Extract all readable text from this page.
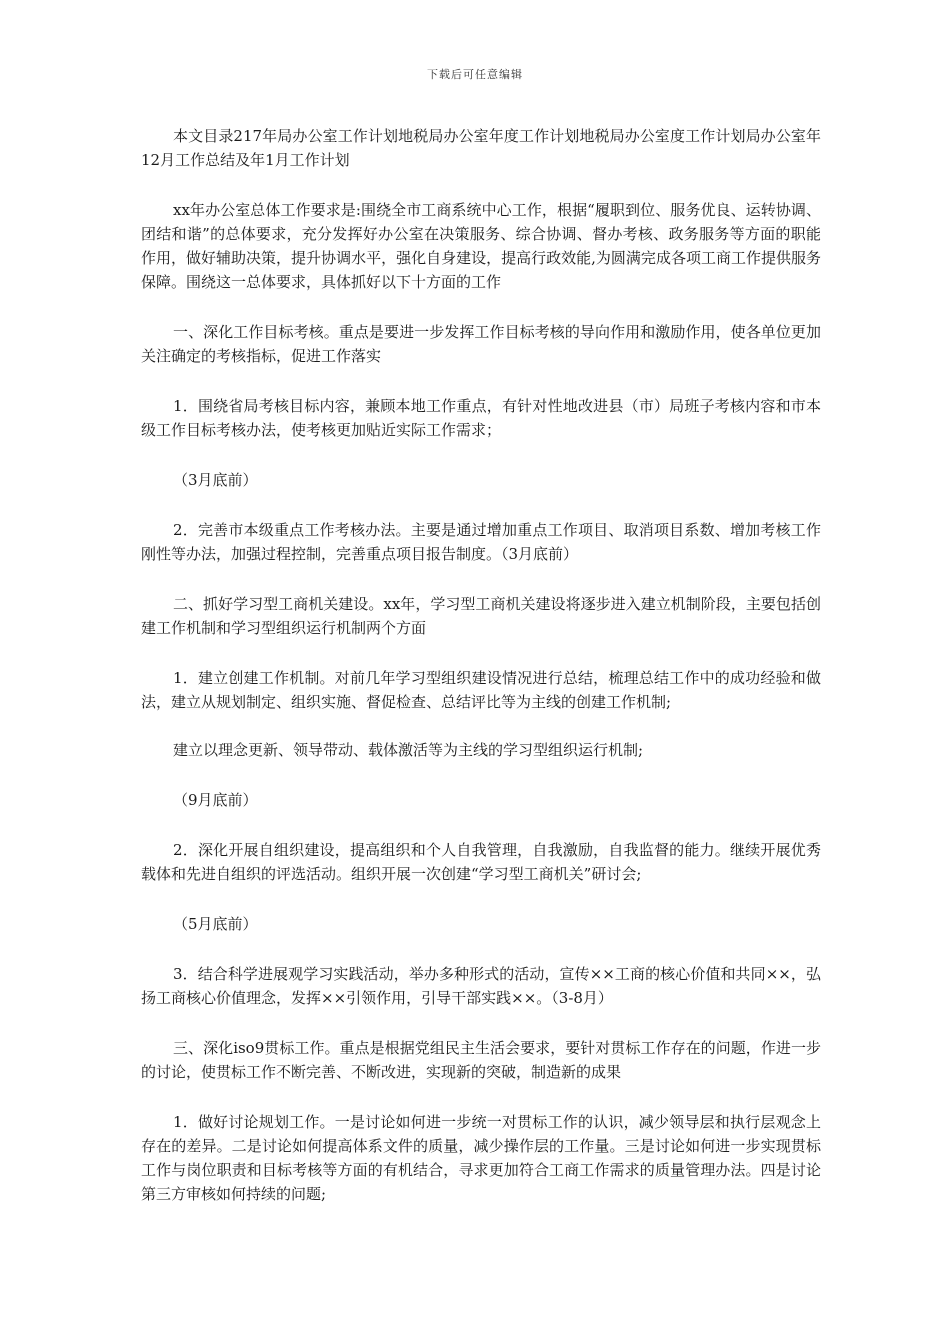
下载后可任意编辑

本文目录217年局办公室工作计划地税局办公室年度工作计划地税局办公室度工作计划局办公室年12月工作总结及年1月工作计划

xx年办公室总体工作要求是:围绕全市工商系统中心工作，根据“履职到位、服务优良、运转协调、团结和谐”的总体要求，充分发挥好办公室在决策服务、综合协调、督办考核、政务服务等方面的职能作用，做好辅助决策，提升协调水平，强化自身建设，提高行政效能,为圆满完成各项工商工作提供服务保障。围绕这一总体要求，具体抓好以下十方面的工作

一、深化工作目标考核。重点是要进一步发挥工作目标考核的导向作用和激励作用，使各单位更加关注确定的考核指标，促进工作落实

1．围绕省局考核目标内容，兼顾本地工作重点，有针对性地改进县（市）局班子考核内容和市本级工作目标考核办法，使考核更加贴近实际工作需求；

（3月底前）

2．完善市本级重点工作考核办法。主要是通过增加重点工作项目、取消项目系数、增加考核工作刚性等办法，加强过程控制，完善重点项目报告制度。（3月底前）

二、抓好学习型工商机关建设。xx年，学习型工商机关建设将逐步进入建立机制阶段，主要包括创建工作机制和学习型组织运行机制两个方面

1．建立创建工作机制。对前几年学习型组织建设情况进行总结，梳理总结工作中的成功经验和做法，建立从规划制定、组织实施、督促检查、总结评比等为主线的创建工作机制;

建立以理念更新、领导带动、载体激活等为主线的学习型组织运行机制;

（9月底前）

2．深化开展自组织建设，提高组织和个人自我管理，自我激励，自我监督的能力。继续开展优秀载体和先进自组织的评选活动。组织开展一次创建“学习型工商机关”研讨会;

（5月底前）

3．结合科学进展观学习实践活动，举办多种形式的活动，宣传××工商的核心价值和共同××，弘扬工商核心价值理念，发挥××引领作用，引导干部实践××。（3-8月）

三、深化iso9贯标工作。重点是根据党组民主生活会要求，要针对贯标工作存在的问题，作进一步的讨论，使贯标工作不断完善、不断改进，实现新的突破，制造新的成果

1．做好讨论规划工作。一是讨论如何进一步统一对贯标工作的认识，减少领导层和执行层观念上存在的差异。二是讨论如何提高体系文件的质量，减少操作层的工作量。三是讨论如何进一步实现贯标工作与岗位职责和目标考核等方面的有机结合，寻求更加符合工商工作需求的质量管理办法。四是讨论第三方审核如何持续的问题;
